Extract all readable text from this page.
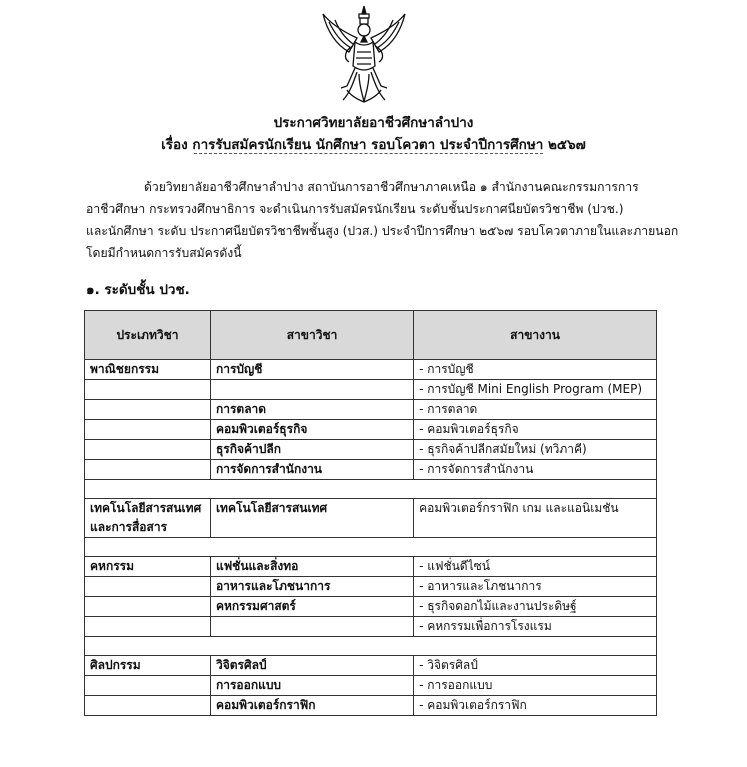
ประกาศวิทยาลัยอาชีวศึกษาลำปาง
เรื่อง การรับสมัครนักเรียน นักศึกษา รอบโควตา ประจำปีการศึกษา ๒๕๖๗
ด้วยวิทยาลัยอาชีวศึกษาลำปาง สถาบันการอาชีวศึกษาภาคเหนือ ๑ สำนักงานคณะกรรมการการ
อาชีวศึกษา กระทรวงศึกษาธิการ จะดำเนินการรับสมัครนักเรียน ระดับชั้นประกาศนียบัตรวิชาชีพ (ปวช.)
และนักศึกษา ระดับ ประกาศนียบัตรวิชาชีพชั้นสูง (ปวส.) ประจำปีการศึกษา ๒๕๖๗ รอบโควตาภายในและภายนอก
โดยมีกำหนดการรับสมัครดังนี้
๑. ระดับชั้น ปวช.
ประเภทวิชา	สาขาวิชา	สาขางาน
พาณิชยกรรม	การบัญชี	- การบัญชี
		- การบัญชี Mini English Program (MEP)
	การตลาด	- การตลาด
	คอมพิวเตอร์ธุรกิจ	- คอมพิวเตอร์ธุรกิจ
	ธุรกิจค้าปลีก	- ธุรกิจค้าปลีกสมัยใหม่ (ทวิภาคี)
	การจัดการสำนักงาน	- การจัดการสำนักงาน

เทคโนโลยีสารสนเทศ
และการสื่อสาร	เทคโนโลยีสารสนเทศ	คอมพิวเตอร์กราฟิก เกม และแอนิเมชัน

คหกรรม	แฟชั่นและสิ่งทอ	- แฟชั่นดีไซน์
	อาหารและโภชนาการ	- อาหารและโภชนาการ
	คหกรรมศาสตร์	- ธุรกิจดอกไม้และงานประดิษฐ์
		- คหกรรมเพื่อการโรงแรม

ศิลปกรรม	วิจิตรศิลป์	- วิจิตรศิลป์
	การออกแบบ	- การออกแบบ
	คอมพิวเตอร์กราฟิก	- คอมพิวเตอร์กราฟิก
